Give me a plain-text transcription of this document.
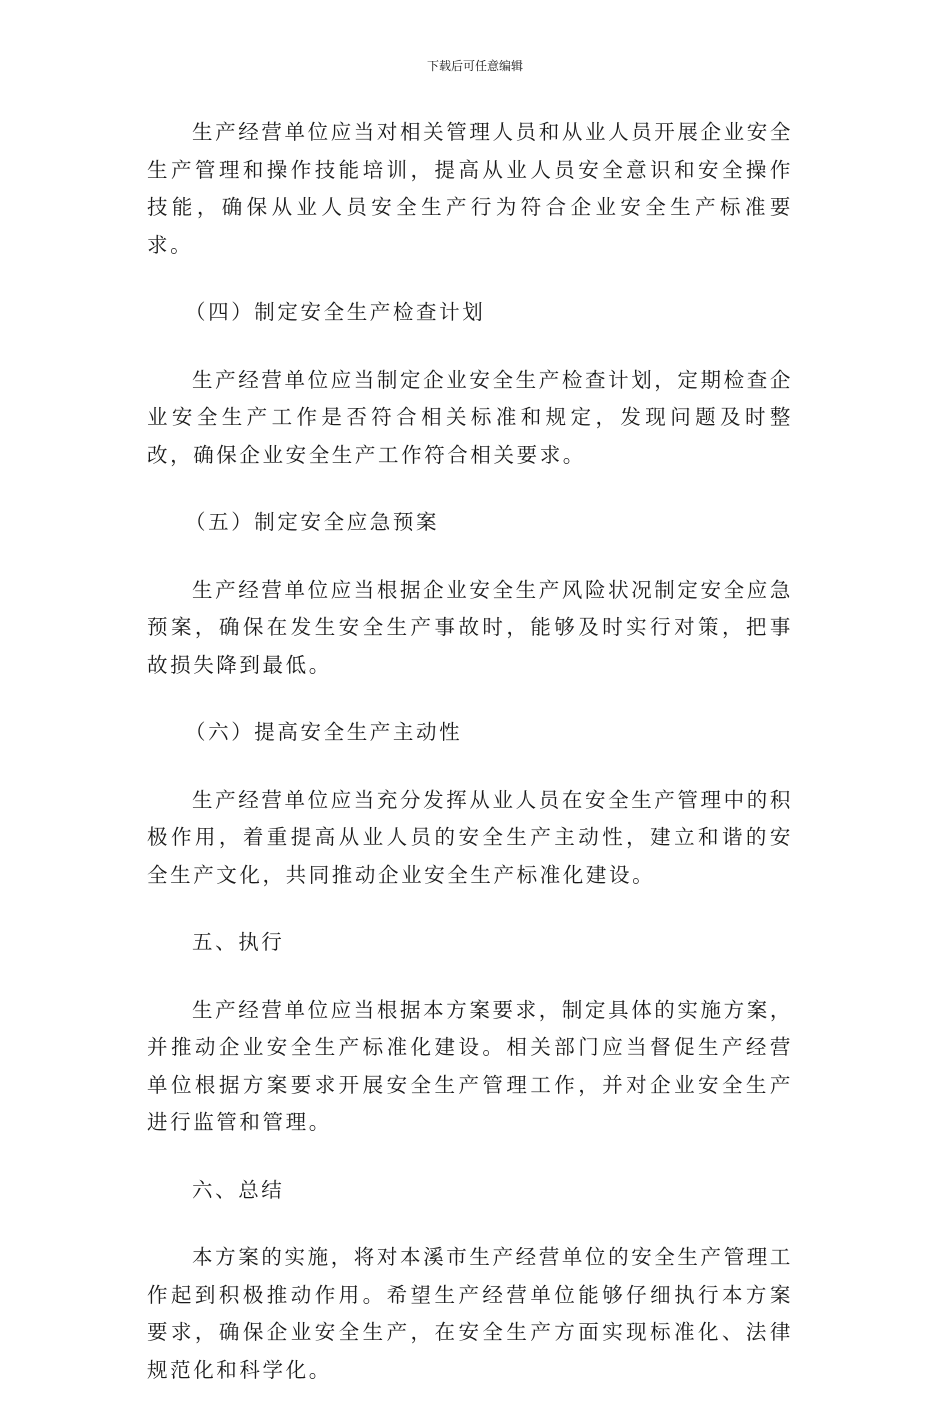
下载后可任意编辑

生产经营单位应当对相关管理人员和从业人员开展企业安全生产管理和操作技能培训，提高从业人员安全意识和安全操作技能，确保从业人员安全生产行为符合企业安全生产标准要求。

（四）制定安全生产检查计划

生产经营单位应当制定企业安全生产检查计划，定期检查企业安全生产工作是否符合相关标准和规定，发现问题及时整改，确保企业安全生产工作符合相关要求。

（五）制定安全应急预案

生产经营单位应当根据企业安全生产风险状况制定安全应急预案，确保在发生安全生产事故时，能够及时实行对策，把事故损失降到最低。

（六）提高安全生产主动性

生产经营单位应当充分发挥从业人员在安全生产管理中的积极作用，着重提高从业人员的安全生产主动性，建立和谐的安全生产文化，共同推动企业安全生产标准化建设。

五、执行

生产经营单位应当根据本方案要求，制定具体的实施方案，并推动企业安全生产标准化建设。相关部门应当督促生产经营单位根据方案要求开展安全生产管理工作，并对企业安全生产进行监管和管理。

六、总结

本方案的实施，将对本溪市生产经营单位的安全生产管理工作起到积极推动作用。希望生产经营单位能够仔细执行本方案要求，确保企业安全生产，在安全生产方面实现标准化、法律规范化和科学化。
